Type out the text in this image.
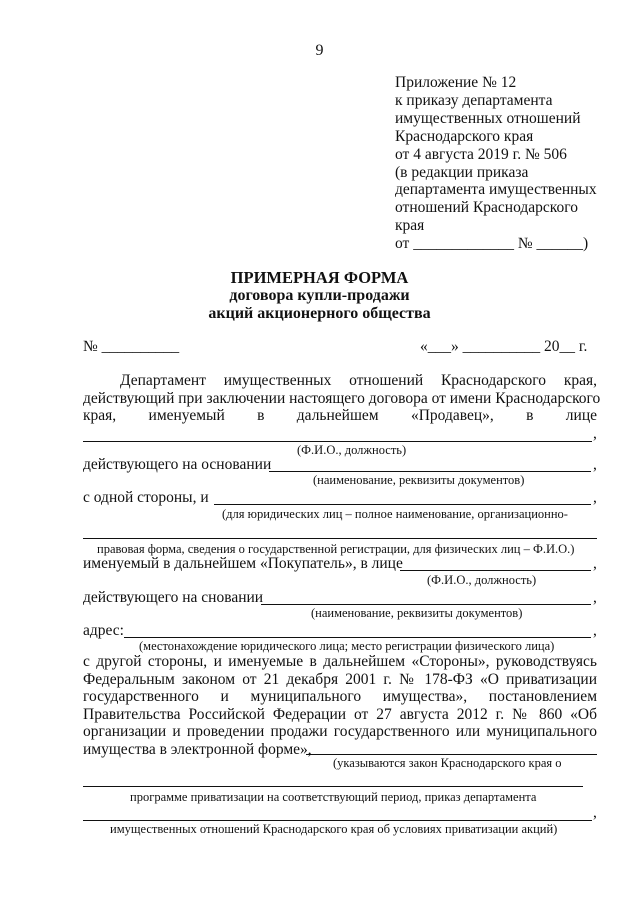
9
Приложение № 12
к приказу департамента
имущественных отношений
Краснодарского края
от 4 августа 2019 г. № 506
(в редакции приказа
департамента имущественных
отношений Краснодарского
края
от _____________ № ______)
ПРИМЕРНАЯ ФОРМА
договора купли-продажи
акций акционерного общества
№ __________	«___» __________ 20__ г.
Департамент имущественных отношений Краснодарского края,
действующий при заключении настоящего договора от имени Краснодарского
края, именуемый в дальнейшем «Продавец», в лице
,
(Ф.И.О., должность)
действующего на основании	,
(наименование, реквизиты документов)
с одной стороны, и	,
(для юридических лиц – полное наименование, организационно-
правовая форма, сведения о государственной регистрации, для физических лиц – Ф.И.О.)
именуемый в дальнейшем «Покупатель», в лице	,
(Ф.И.О., должность)
действующего на сновании	,
(наименование, реквизиты документов)
адрес:	,
(местонахождение юридического лица; место регистрации физического лица)
с другой стороны, и именуемые в дальнейшем «Стороны», руководствуясь
Федеральным законом от 21 декабря 2001 г. № 178-ФЗ «О приватизации
государственного и муниципального имущества», постановлением
Правительства Российской Федерации от 27 августа 2012 г. № 860 «Об
организации и проведении продажи государственного или муниципального
имущества в электронной форме»,
(указываются закон Краснодарского края о
программе приватизации на соответствующий период, приказ департамента
,
имущественных отношений Краснодарского края об условиях приватизации акций)
